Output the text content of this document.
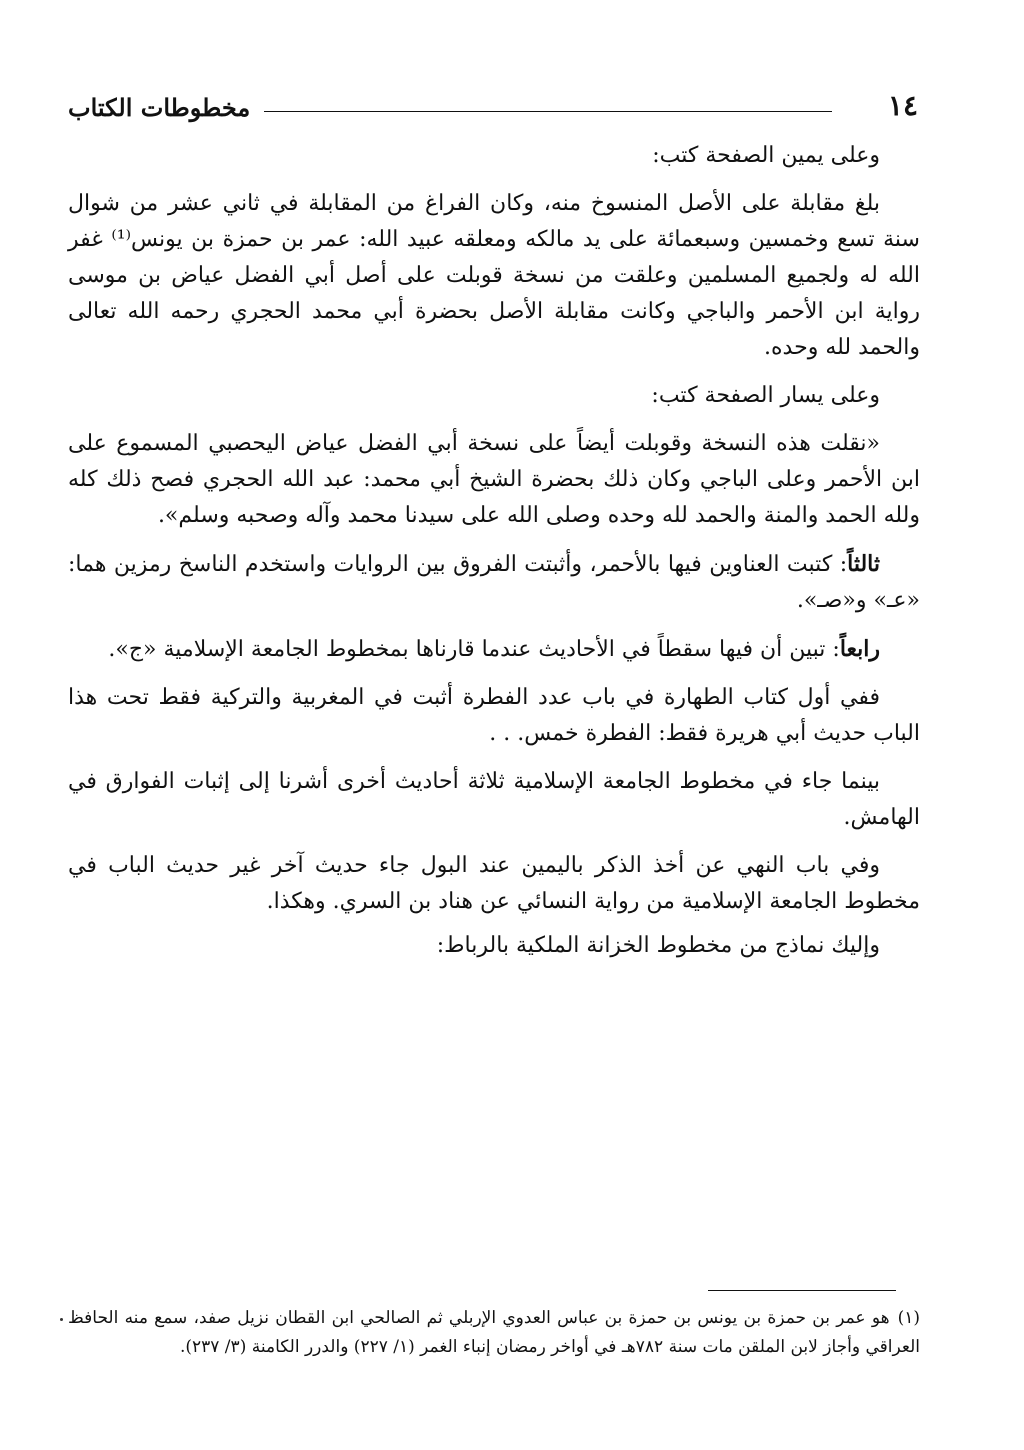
١٤
مخطوطات الكتاب

وعلى يمين الصفحة كتب:

بلغ مقابلة على الأصل المنسوخ منه، وكان الفراغ من المقابلة في ثاني عشر من شوال سنة تسع وخمسين وسبعمائة على يد مالكه ومعلقه عبيد الله: عمر بن حمزة بن يونس⁽¹⁾ غفر الله له ولجميع المسلمين وعلقت من نسخة قوبلت على أصل أبي الفضل عياض بن موسى رواية ابن الأحمر والباجي وكانت مقابلة الأصل بحضرة أبي محمد الحجري رحمه الله تعالى والحمد لله وحده.

وعلى يسار الصفحة كتب:

«نقلت هذه النسخة وقوبلت أيضاً على نسخة أبي الفضل عياض اليحصبي المسموع على ابن الأحمر وعلى الباجي وكان ذلك بحضرة الشيخ أبي محمد: عبد الله الحجري فصح ذلك كله ولله الحمد والمنة والحمد لله وحده وصلى الله على سيدنا محمد وآله وصحبه وسلم».

ثالثاً: كتبت العناوين فيها بالأحمر، وأثبتت الفروق بين الروايات واستخدم الناسخ رمزين هما: «عـ» و«صـ».

رابعاً: تبين أن فيها سقطاً في الأحاديث عندما قارناها بمخطوط الجامعة الإسلامية «ج».

ففي أول كتاب الطهارة في باب عدد الفطرة أثبت في المغربية والتركية فقط تحت هذا الباب حديث أبي هريرة فقط: الفطرة خمس. . .

بينما جاء في مخطوط الجامعة الإسلامية ثلاثة أحاديث أخرى أشرنا إلى إثبات الفوارق في الهامش.

وفي باب النهي عن أخذ الذكر باليمين عند البول جاء حديث آخر غير حديث الباب في مخطوط الجامعة الإسلامية من رواية النسائي عن هناد بن السري. وهكذا.

وإليك نماذج من مخطوط الخزانة الملكية بالرباط:

(١)هو عمر بن حمزة بن يونس بن حمزة بن عباس العدوي الإربلي ثم الصالحي ابن القطان نزيل صفد، سمع منه الحافظ العراقي وأجاز لابن الملقن مات سنة ٧٨٢هـ في أواخر رمضان إنباء الغمر (١/ ٢٢٧) والدرر الكامنة (٣/ ٢٣٧).
